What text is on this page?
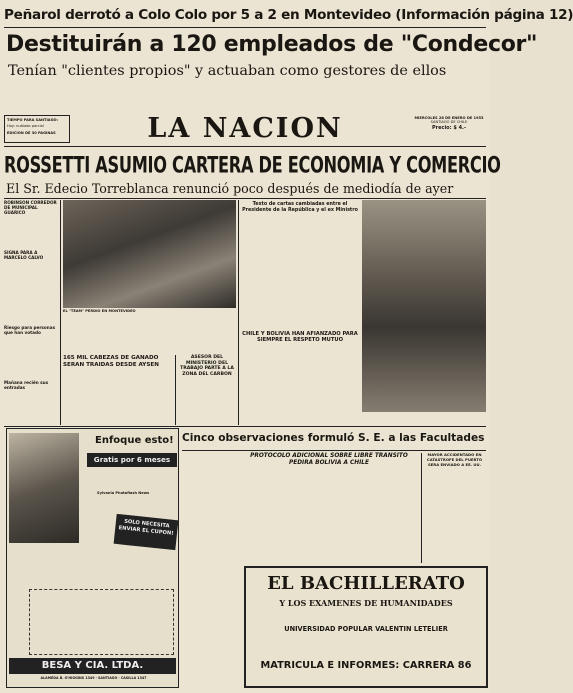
Peñarol derrotó a Colo Colo por 5 a 2 en Montevideo (Información página 12)
Destituirán a 120 empleados de "Condecor"
Tenían "clientes propios" y actuaban como gestores de ellos
TIEMPO PARA SANTIAGO:
Hoy: nublado parcial
EDICION DE 30 PAGINAS	LA NACION	MIERCOLES 28 DE ENERO DE 1953
SANTIAGO DE CHILE
Precio: $ 4.-
ROSSETTI ASUMIO CARTERA DE ECONOMIA Y COMERCIO
El Sr. Edecio Torreblanca renunció poco después de mediodía de ayer
ROBINSON CORREDOR DE MUNICIPAL GUARICO
SIGNA PARA A MARCELO CALVO
Riesgo para personas que han votado
Mañana recién sus entradas
EL "TEAM" PERDIO EN MONTEVIDEO
Texto de cartas cambiadas entre el Presidente de la República y el ex Ministro
CHILE Y BOLIVIA HAN AFIANZADO PARA SIEMPRE EL RESPETO MUTUO
165 MIL CABEZAS DE GANADO SERAN TRAIDAS DESDE AYSEN
ASESOR DEL MINISTERIO DEL TRABAJO PARTE A LA ZONA DEL CARBON
Enfoque esto!
Gratis por 6 meses
Sylvania Photoflash News
SOLO NECESITA ENVIAR EL CUPON!
BESA Y CIA. LTDA.
ALAMEDA B. O'HIGGINS 1349 · SANTIAGO · CASILLA 1347
Cinco observaciones formuló S. E. a las Facultades
PROTOCOLO ADICIONAL SOBRE LIBRE TRANSITO PEDIRA BOLIVIA A CHILE
MAYOR ACCIDENTADO EN CATASTROFE DEL PUERTO SERA ENVIADO A EE. UU.
EL BACHILLERATO
Y LOS EXAMENES DE HUMANIDADES
UNIVERSIDAD POPULAR VALENTIN LETELIER
MATRICULA E INFORMES: CARRERA 86
